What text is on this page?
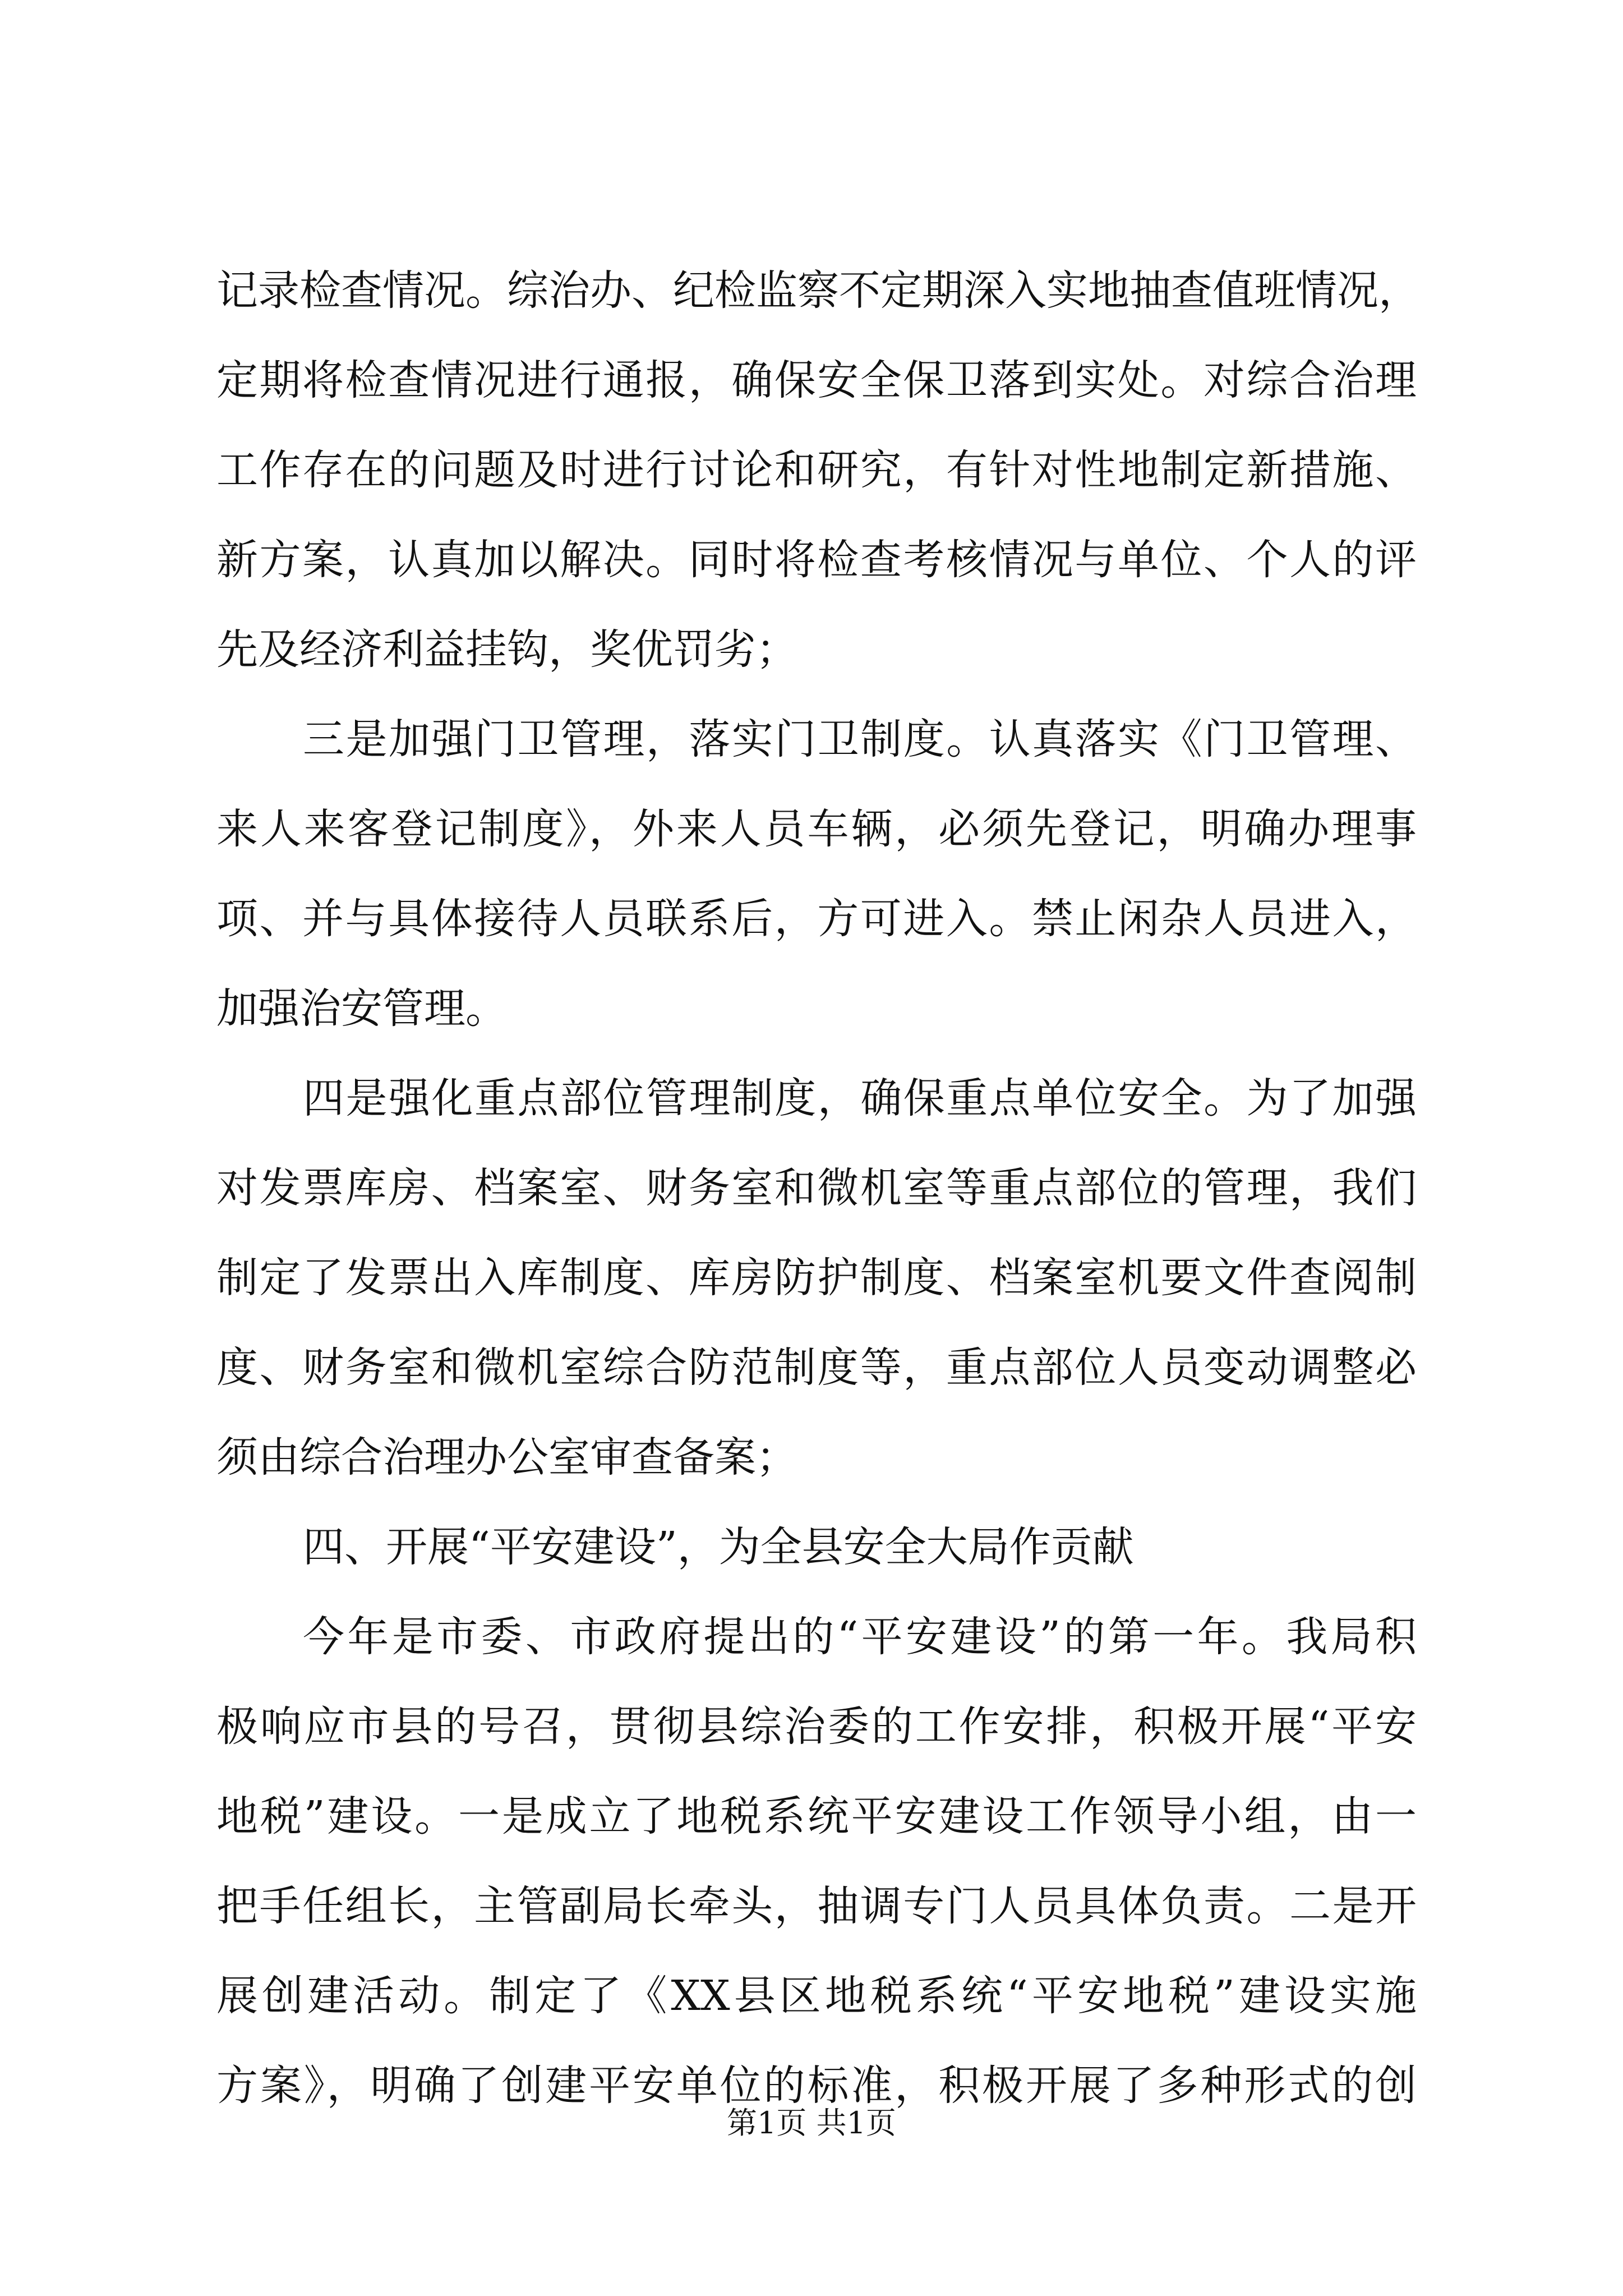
记录检查情况。综治办、纪检监察不定期深入实地抽查值班情况，
定期将检查情况进行通报，确保安全保卫落到实处。对综合治理
工作存在的问题及时进行讨论和研究，有针对性地制定新措施、
新方案，认真加以解决。同时将检查考核情况与单位、个人的评
先及经济利益挂钩，奖优罚劣；
三是加强门卫管理，落实门卫制度。认真落实《门卫管理、
来人来客登记制度》，外来人员车辆，必须先登记，明确办理事
项、并与具体接待人员联系后，方可进入。禁止闲杂人员进入，
加强治安管理。
四是强化重点部位管理制度，确保重点单位安全。为了加强
对发票库房、档案室、财务室和微机室等重点部位的管理，我们
制定了发票出入库制度、库房防护制度、档案室机要文件查阅制
度、财务室和微机室综合防范制度等，重点部位人员变动调整必
须由综合治理办公室审查备案；
四、开展“平安建设”，为全县安全大局作贡献
今年是市委、市政府提出的“平安建设”的第一年。我局积
极响应市县的号召，贯彻县综治委的工作安排，积极开展“平安
地税”建设。一是成立了地税系统平安建设工作领导小组，由一
把手任组长，主管副局长牵头，抽调专门人员具体负责。二是开
展创建活动。制定了《XX县区地税系统“平安地税”建设实施
方案》，明确了创建平安单位的标准，积极开展了多种形式的创
第1页 共1页
